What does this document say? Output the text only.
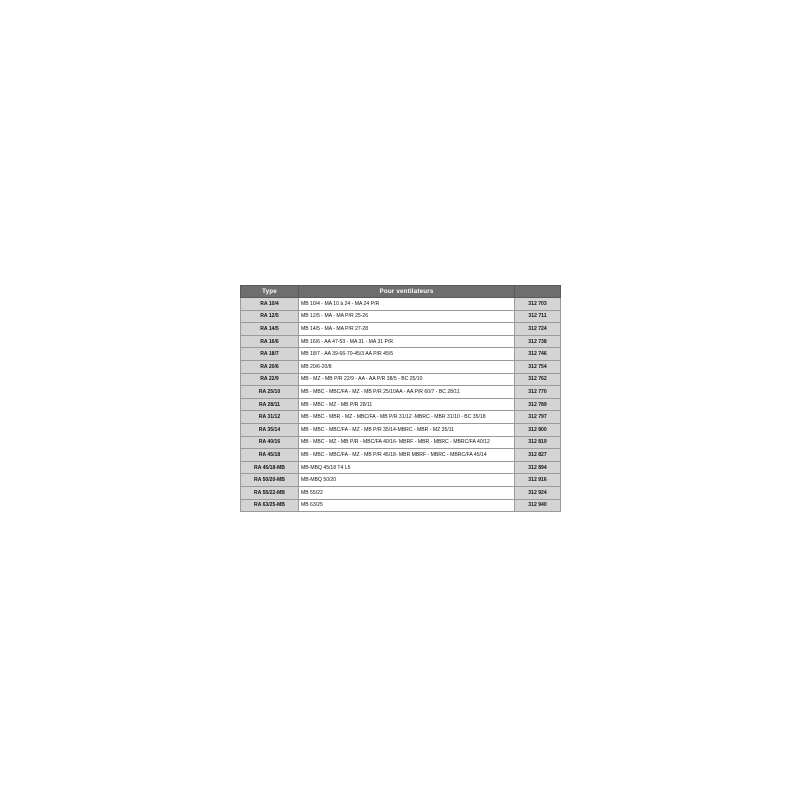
Type	Pour ventilateurs	
RA 10/4	MB 10/4 - MA 10 à 24 - MA 24 P/R	312 703
RA 12/5	MB 12/5 - MA - MA P/R 25-26	312 711
RA 14/5	MB 14/5 - MA - MA P/R 27-28	312 724
RA 16/6	MB 16/6 - AA 47-53 - MA 31 - MA 31 P/R	312 738
RA 18/7	MB 18/7 - AA 39-66-70-45/3 AA P/R 45/5	312 746
RA 20/6	MB 20/6-20/8	312 754
RA 22/9	MB - MZ - MB P/R 22/9 - AA - AA P/R 38/5 - BC 25/10	312 762
RA 25/10	MB - MBC - MBC/FA - MZ - MB P/R 25/10AA - AA P/R 60/7 - BC 28/11	312 770
RA 28/11	MB - MBC - MZ - MB P/R 28/11	312 789
RA 31/12	MB - MBC - MBR - MZ - MBC/FA - MB P/R 31/12 -MBRC - MBR 31/10 - BC 35/18	312 797
RA 35/14	MB - MBC - MBC/FA - MZ - MB P/R 35/14-MBRC - MBR - MZ 35/11	312 800
RA 40/16	MB - MBC - MZ - MB P/R - MBC/FA 40/16- MBRF - MBR - MBRC - MBRC/FA 40/12	312 819
RA 45/18	MB - MBC - MBC/FA - MZ - MB P/R 45/18- MBR MBRF - MBRC - MBRC/FA 45/14	312 827
RA 45/18-MB	MB-MBQ 45/18 T4 L5	312 894
RA 50/20-MB	MB-MBQ 50/20	312 916
RA 55/22-MB	MB 55/22	312 924
RA 63/25-MB	MB 63/25	312 940
